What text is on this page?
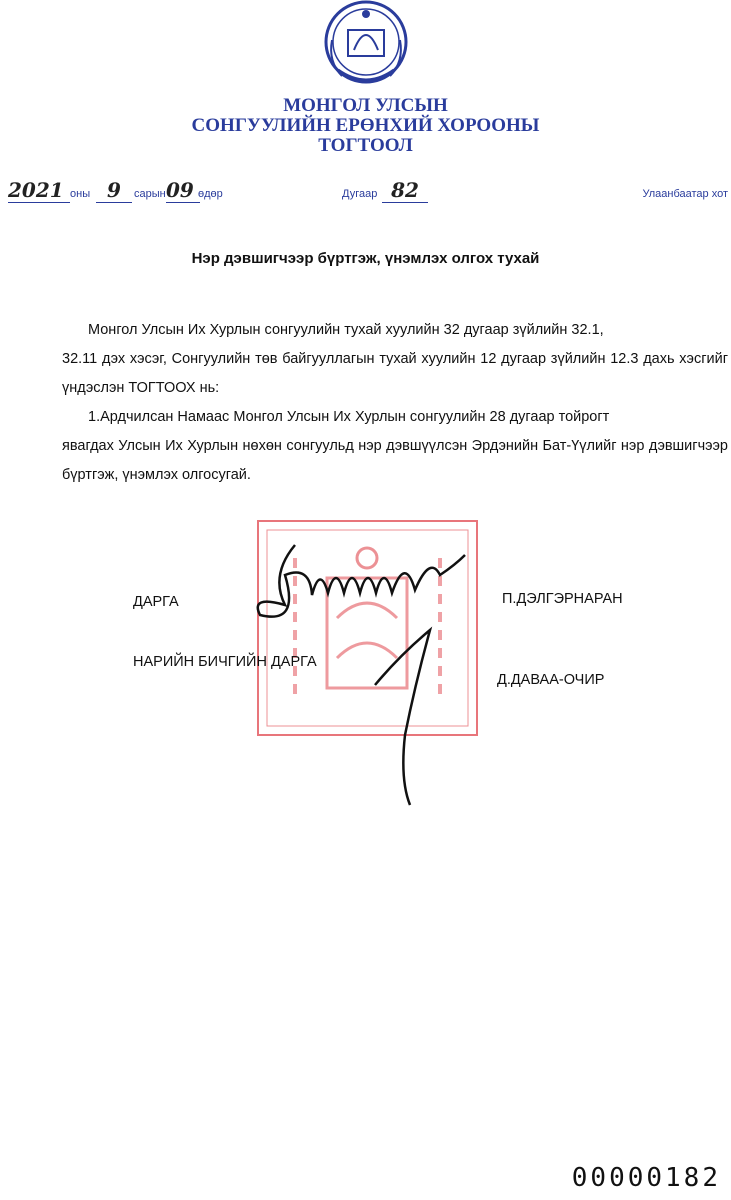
МОНГОЛ УЛСЫН
СОНГУУЛИЙН ЕРӨНХИЙ ХОРООНЫ
ТОГТООЛ
2021 оны 9	сарын 09 өдөр	Дугаар 82	Улаанбаатар хот
Нэр дэвшигчээр бүртгэж, үнэмлэх олгох тухай
Монгол Улсын Их Хурлын сонгуулийн тухай хуулийн 32 дугаар зүйлийн 32.1,
32.11 дэх хэсэг, Сонгуулийн төв байгууллагын тухай хуулийн 12 дугаар зүйлийн 12.3 дахь хэсгийг үндэслэн ТОГТООХ нь:
1.Ардчилсан Намаас Монгол Улсын Их Хурлын сонгуулийн 28 дугаар тойрогт
явагдах Улсын Их Хурлын нөхөн сонгуульд нэр дэвшүүлсэн Эрдэнийн Бат-Үүлийг нэр дэвшигчээр бүртгэж, үнэмлэх олгосугай.
ДАРГА	П.ДЭЛГЭРНАРАН
НАРИЙН БИЧГИЙН ДАРГА
Д.ДАВАА-ОЧИР
00000182
